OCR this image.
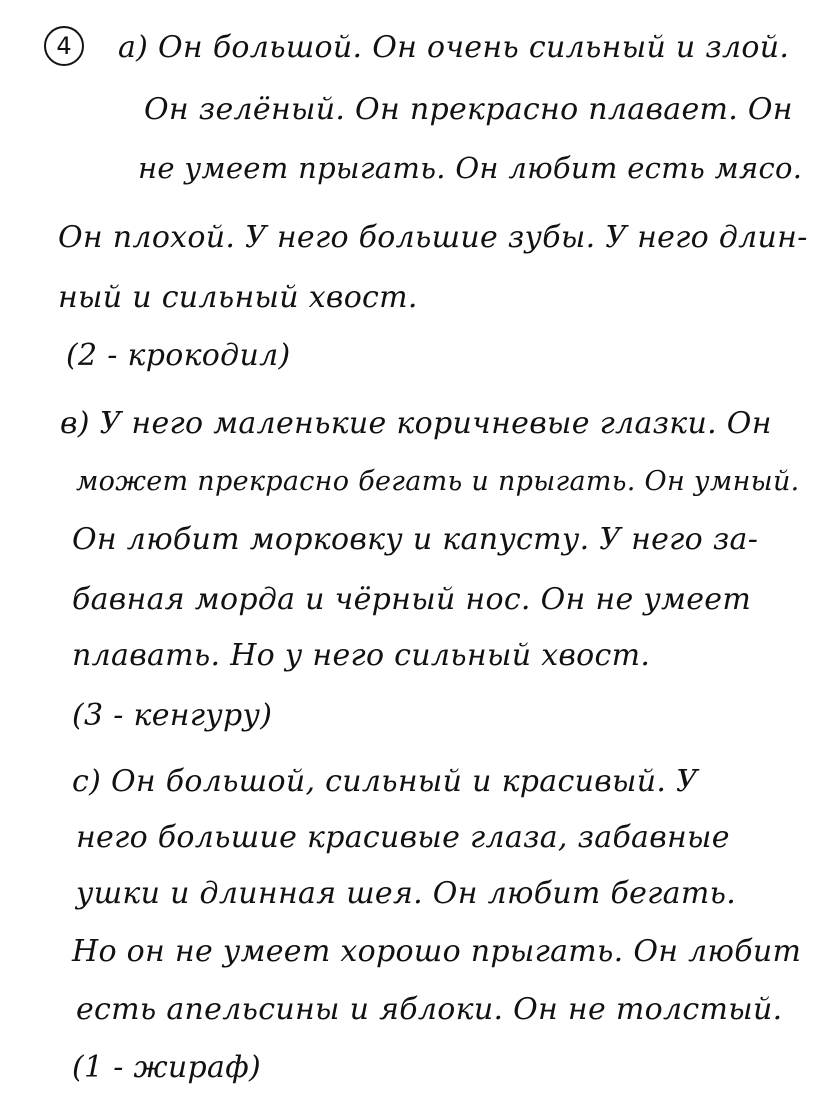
4 а) Он большой. Он очень сильный и злой.
Он зелёный. Он прекрасно плавает. Он
не умеет прыгать. Он любит есть мясо.
Он плохой. У него большие зубы. У него длин-
ный и сильный хвост.
(2 - крокодил)
в) У него маленькие коричневые глазки. Он
может прекрасно бегать и прыгать. Он умный.
Он любит морковку и капусту. У него за-
бавная морда и чёрный нос. Он не умеет
плавать. Но у него сильный хвост.
(3 - кенгуру)
с) Он большой, сильный и красивый. У
него большие красивые глаза, забавные
ушки и длинная шея. Он любит бегать.
Но он не умеет хорошо прыгать. Он любит
есть апельсины и яблоки. Он не толстый.
(1 - жираф)
